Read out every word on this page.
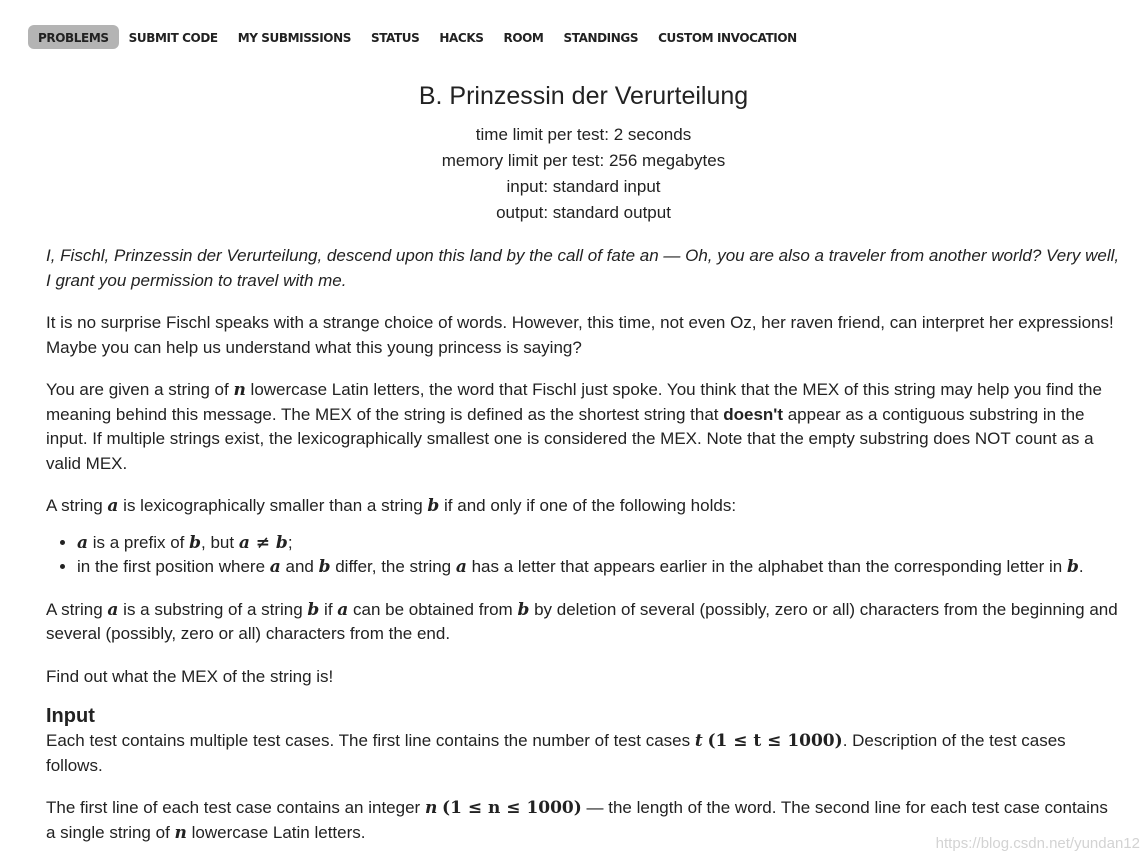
PROBLEMS	SUBMIT CODE	MY SUBMISSIONS	STATUS	HACKS	ROOM	STANDINGS	CUSTOM INVOCATION
B. Prinzessin der Verurteilung
time limit per test: 2 seconds
memory limit per test: 256 megabytes
input: standard input
output: standard output

I, Fischl, Prinzessin der Verurteilung, descend upon this land by the call of fate an — Oh, you are also a traveler from another world? Very well, I grant you permission to travel with me.

It is no surprise Fischl speaks with a strange choice of words. However, this time, not even Oz, her raven friend, can interpret her expressions! Maybe you can help us understand what this young princess is saying?

You are given a string of n lowercase Latin letters, the word that Fischl just spoke. You think that the MEX of this string may help you find the meaning behind this message. The MEX of the string is defined as the shortest string that doesn't appear as a contiguous substring in the input. If multiple strings exist, the lexicographically smallest one is considered the MEX. Note that the empty substring does NOT count as a valid MEX.

A string a is lexicographically smaller than a string b if and only if one of the following holds:

• a is a prefix of b, but a ≠ b;
• in the first position where a and b differ, the string a has a letter that appears earlier in the alphabet than the corresponding letter in b.

A string a is a substring of a string b if a can be obtained from b by deletion of several (possibly, zero or all) characters from the beginning and several (possibly, zero or all) characters from the end.

Find out what the MEX of the string is!

Input

Each test contains multiple test cases. The first line contains the number of test cases t (1 ≤ t ≤ 1000). Description of the test cases follows.

The first line of each test case contains an integer n (1 ≤ n ≤ 1000) — the length of the word. The second line for each test case contains a single string of n lowercase Latin letters.

https://blog.csdn.net/yundan12
